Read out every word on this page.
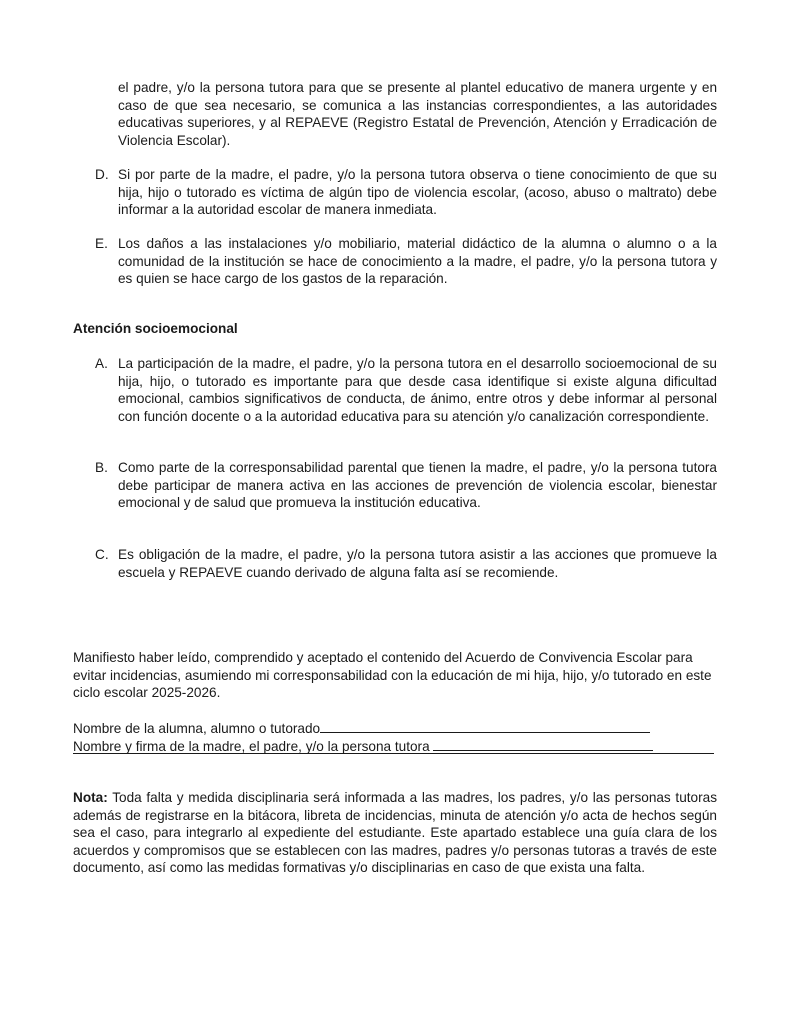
el padre, y/o la persona tutora para que se presente al plantel educativo de manera urgente y en caso de que sea necesario, se comunica a las instancias correspondientes, a las autoridades educativas superiores, y al REPAEVE (Registro Estatal de Prevención, Atención y Erradicación de Violencia Escolar).
D. Si por parte de la madre, el padre, y/o la persona tutora observa o tiene conocimiento de que su hija, hijo o tutorado es víctima de algún tipo de violencia escolar, (acoso, abuso o maltrato) debe informar a la autoridad escolar de manera inmediata.
E. Los daños a las instalaciones y/o mobiliario, material didáctico de la alumna o alumno o a la comunidad de la institución se hace de conocimiento a la madre, el padre, y/o la persona tutora y es quien se hace cargo de los gastos de la reparación.
Atención socioemocional
A. La participación de la madre, el padre, y/o la persona tutora en el desarrollo socioemocional de su hija, hijo, o tutorado es importante para que desde casa identifique si existe alguna dificultad emocional, cambios significativos de conducta, de ánimo, entre otros y debe informar al personal con función docente o a la autoridad educativa para su atención y/o canalización correspondiente.
B. Como parte de la corresponsabilidad parental que tienen la madre, el padre, y/o la persona tutora debe participar de manera activa en las acciones de prevención de violencia escolar, bienestar emocional y de salud que promueva la institución educativa.
C. Es obligación de la madre, el padre, y/o la persona tutora asistir a las acciones que promueve la escuela y REPAEVE cuando derivado de alguna falta así se recomiende.
Manifiesto haber leído, comprendido y aceptado el contenido del Acuerdo de Convivencia Escolar para evitar incidencias, asumiendo mi corresponsabilidad con la educación de mi hija, hijo, y/o tutorado en este ciclo escolar 2025-2026.
Nombre de la alumna, alumno o tutorado
Nombre y firma de la madre, el padre, y/o la persona tutora
Nota: Toda falta y medida disciplinaria será informada a las madres, los padres, y/o las personas tutoras además de registrarse en la bitácora, libreta de incidencias, minuta de atención y/o acta de hechos según sea el caso, para integrarlo al expediente del estudiante. Este apartado establece una guía clara de los acuerdos y compromisos que se establecen con las madres, padres y/o personas tutoras a través de este documento, así como las medidas formativas y/o disciplinarias en caso de que exista una falta.
